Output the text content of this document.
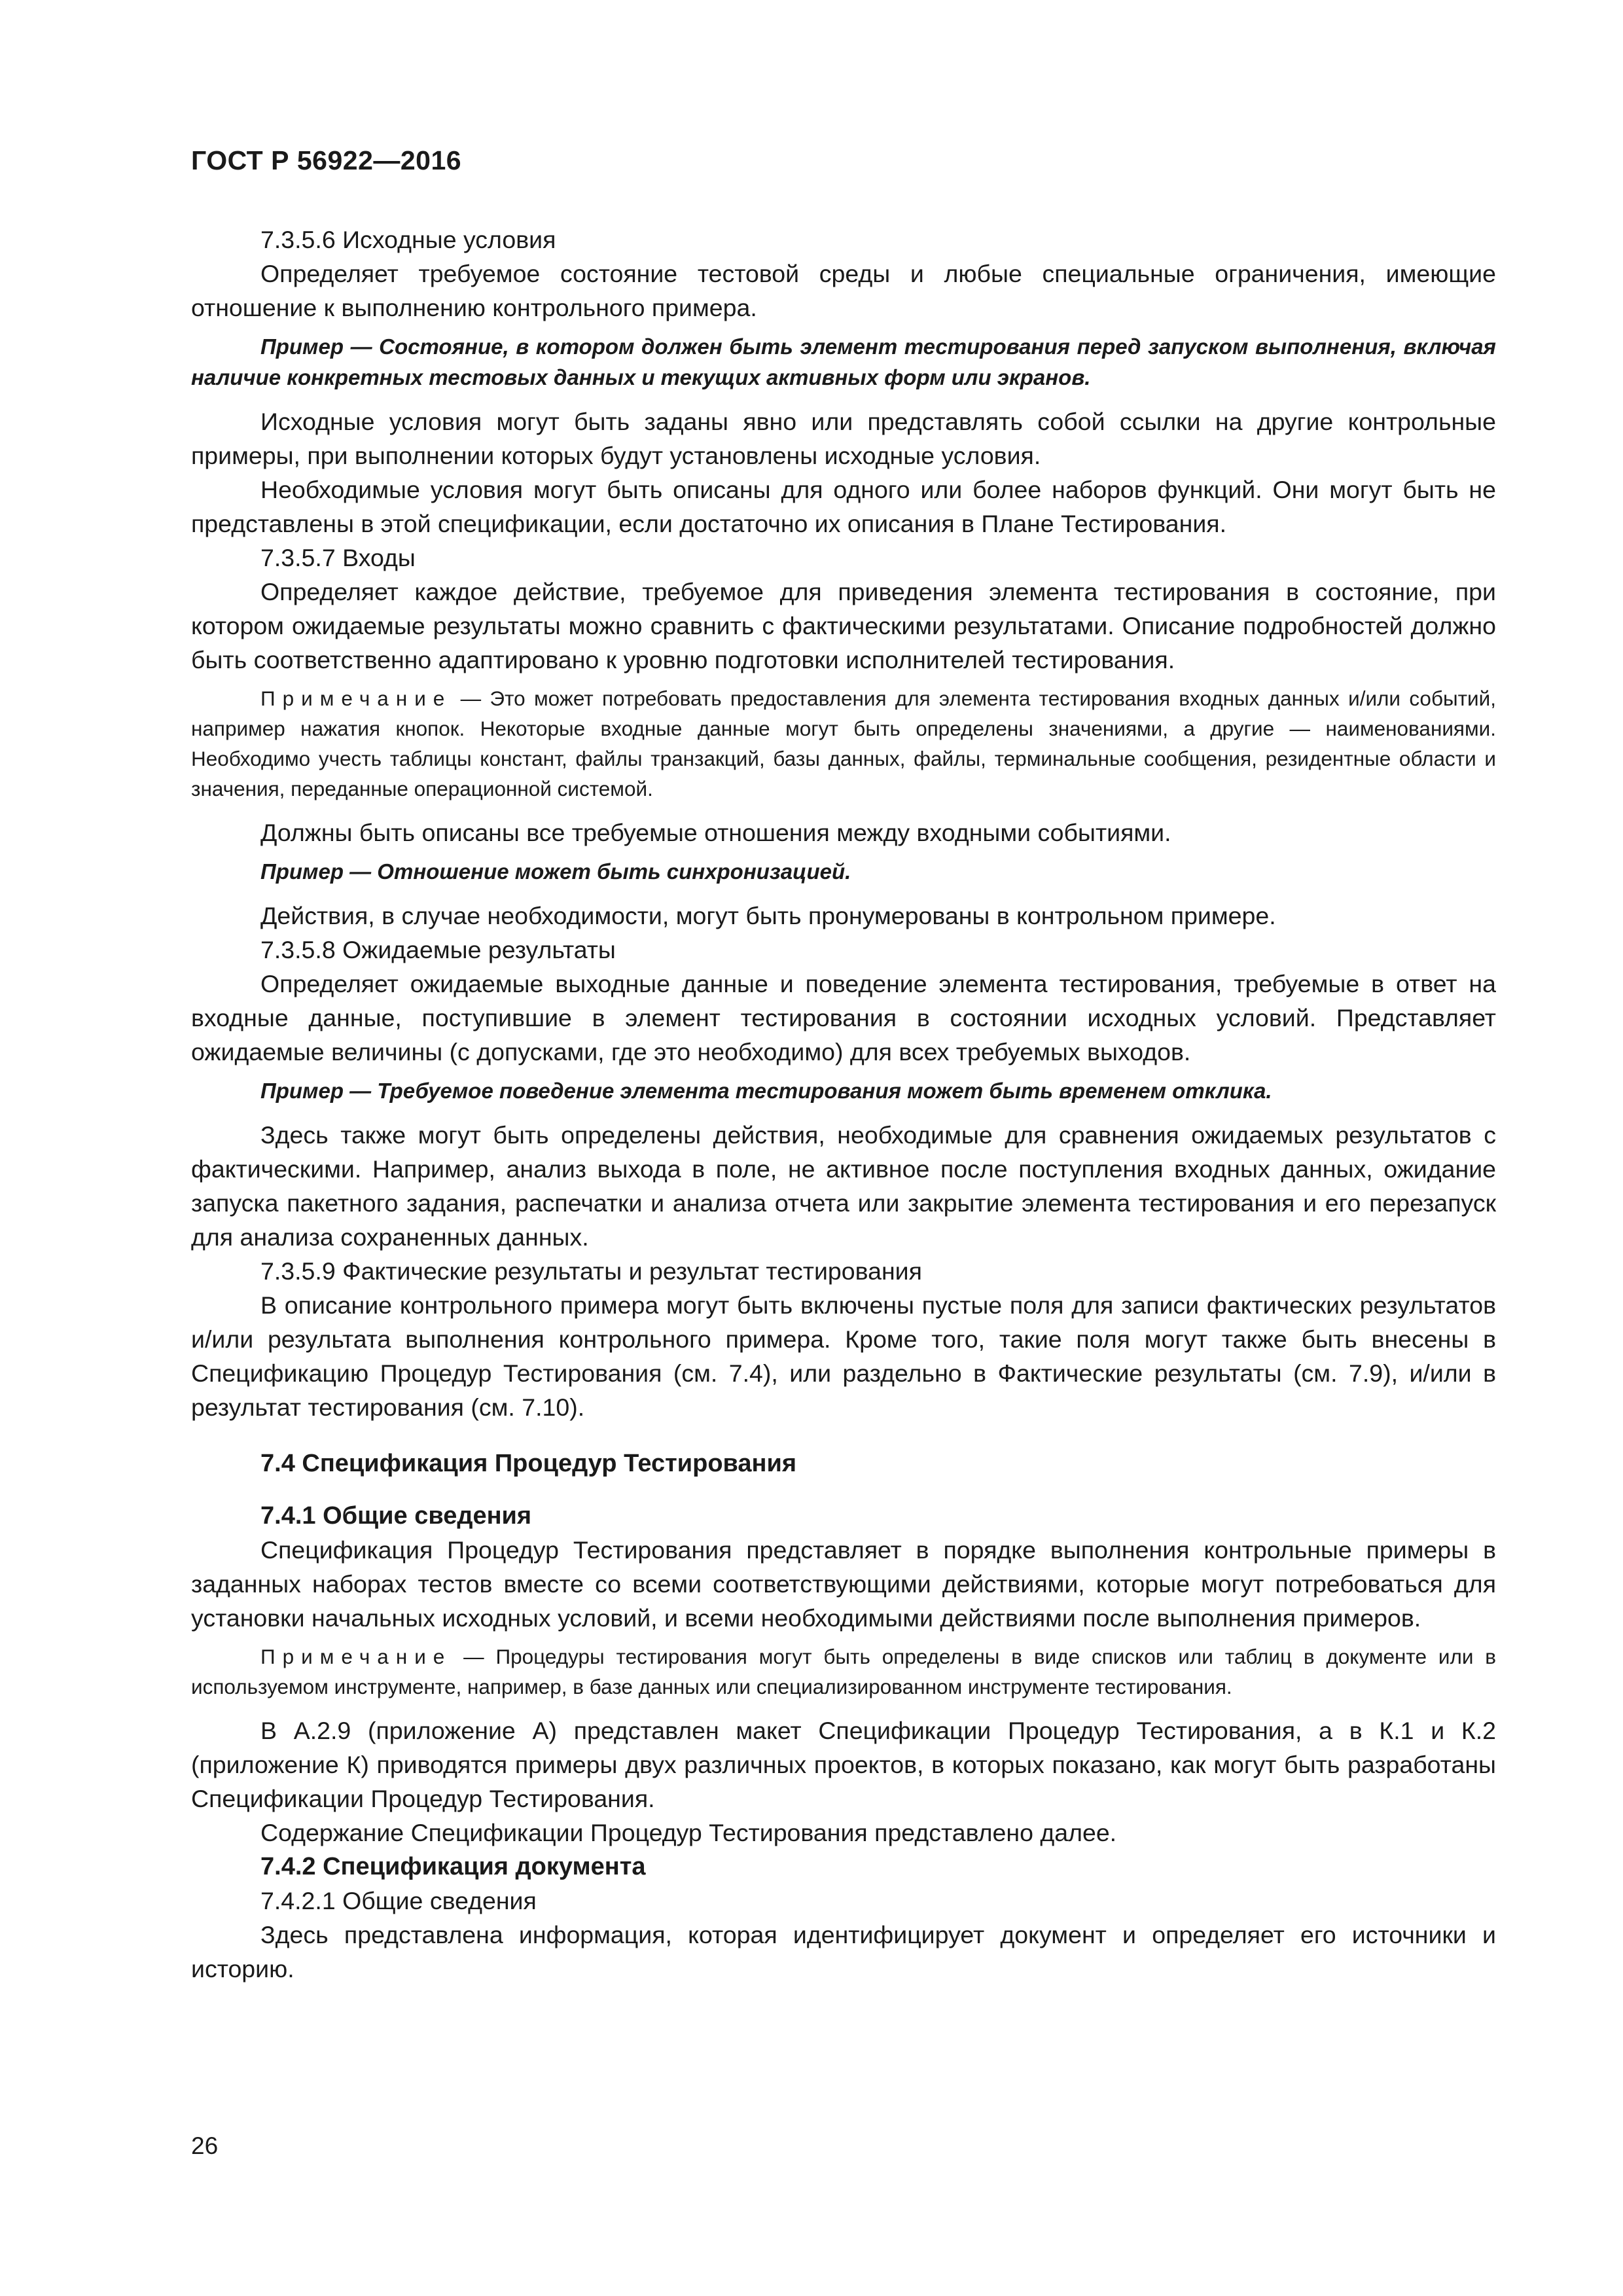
ГОСТ Р 56922—2016
7.3.5.6 Исходные условия

Определяет требуемое состояние тестовой среды и любые специальные ограничения, имеющие отношение к выполнению контрольного примера.

Пример — Состояние, в котором должен быть элемент тестирования перед запуском выполнения, включая наличие конкретных тестовых данных и текущих активных форм или экранов.

Исходные условия могут быть заданы явно или представлять собой ссылки на другие контрольные примеры, при выполнении которых будут установлены исходные условия.

Необходимые условия могут быть описаны для одного или более наборов функций. Они могут быть не представлены в этой спецификации, если достаточно их описания в Плане Тестирования.

7.3.5.7 Входы

Определяет каждое действие, требуемое для приведения элемента тестирования в состояние, при котором ожидаемые результаты можно сравнить с фактическими результатами. Описание подробностей должно быть соответственно адаптировано к уровню подготовки исполнителей тестирования.

Примечание — Это может потребовать предоставления для элемента тестирования входных данных и/или событий, например нажатия кнопок. Некоторые входные данные могут быть определены значениями, а другие — наименованиями. Необходимо учесть таблицы констант, файлы транзакций, базы данных, файлы, терминальные сообщения, резидентные области и значения, переданные операционной системой.

Должны быть описаны все требуемые отношения между входными событиями.

Пример — Отношение может быть синхронизацией.

Действия, в случае необходимости, могут быть пронумерованы в контрольном примере.

7.3.5.8 Ожидаемые результаты

Определяет ожидаемые выходные данные и поведение элемента тестирования, требуемые в ответ на входные данные, поступившие в элемент тестирования в состоянии исходных условий. Представляет ожидаемые величины (с допусками, где это необходимо) для всех требуемых выходов.

Пример — Требуемое поведение элемента тестирования может быть временем отклика.

Здесь также могут быть определены действия, необходимые для сравнения ожидаемых результатов с фактическими. Например, анализ выхода в поле, не активное после поступления входных данных, ожидание запуска пакетного задания, распечатки и анализа отчета или закрытие элемента тестирования и его перезапуск для анализа сохраненных данных.

7.3.5.9 Фактические результаты и результат тестирования

В описание контрольного примера могут быть включены пустые поля для записи фактических результатов и/или результата выполнения контрольного примера. Кроме того, такие поля могут также быть внесены в Спецификацию Процедур Тестирования (см. 7.4), или раздельно в Фактические результаты (см. 7.9), и/или в результат тестирования (см. 7.10).

7.4 Спецификация Процедур Тестирования
7.4.1 Общие сведения

Спецификация Процедур Тестирования представляет в порядке выполнения контрольные примеры в заданных наборах тестов вместе со всеми соответствующими действиями, которые могут потребоваться для установки начальных исходных условий, и всеми необходимыми действиями после выполнения примеров.

Примечание — Процедуры тестирования могут быть определены в виде списков или таблиц в документе или в используемом инструменте, например, в базе данных или специализированном инструменте тестирования.

В А.2.9 (приложение А) представлен макет Спецификации Процедур Тестирования, а в К.1 и К.2 (приложение К) приводятся примеры двух различных проектов, в которых показано, как могут быть разработаны Спецификации Процедур Тестирования.

Содержание Спецификации Процедур Тестирования представлено далее.

7.4.2 Спецификация документа
7.4.2.1 Общие сведения

Здесь представлена информация, которая идентифицирует документ и определяет его источники и историю.

26
